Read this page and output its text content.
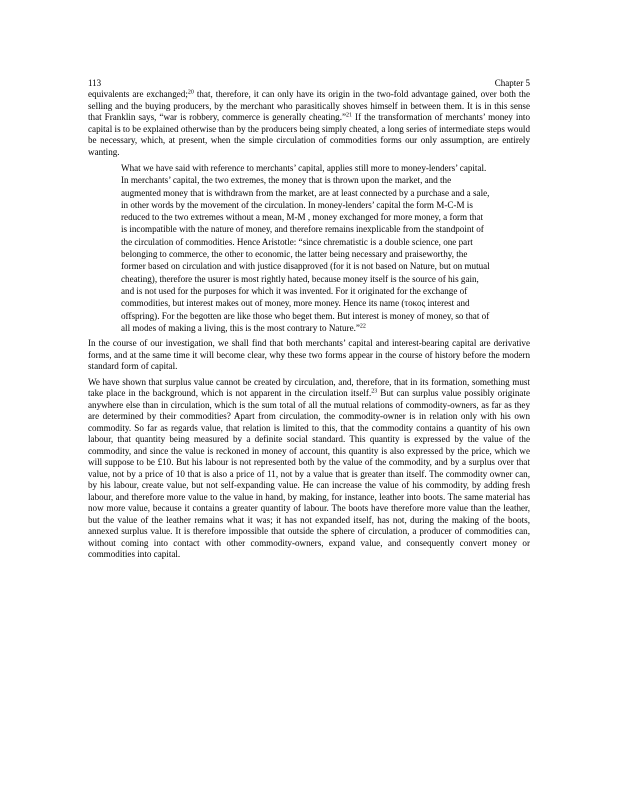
113	Chapter 5

equivalents are exchanged;$^{20}$ that, therefore, it can only have its origin in the two-fold advantage gained, over both the selling and the buying producers, by the merchant who parasitically shoves himself in between them. It is in this sense that Franklin says, “war is robbery, commerce is generally cheating.”$^{21}$ If the transformation of merchants’ money into capital is to be explained otherwise than by the producers being simply cheated, a long series of intermediate steps would be necessary, which, at present, when the simple circulation of commodities forms our only assumption, are entirely wanting.

What we have said with reference to merchants’ capital, applies still more to money-lenders’ capital. In merchants’ capital, the two extremes, the money that is thrown upon the market, and the augmented money that is withdrawn from the market, are at least connected by a purchase and a sale, in other words by the movement of the circulation. In money-lenders’ capital the form M-C-M is reduced to the two extremes without a mean, M-M , money exchanged for more money, a form that is incompatible with the nature of money, and therefore remains inexplicable from the standpoint of the circulation of commodities. Hence Aristotle: “since chrematistic is a double science, one part belonging to commerce, the other to economic, the latter being necessary and praiseworthy, the former based on circulation and with justice disapproved (for it is not based on Nature, but on mutual cheating), therefore the usurer is most rightly hated, because money itself is the source of his gain, and is not used for the purposes for which it was invented. For it originated for the exchange of commodities, but interest makes out of money, more money. Hence its name (τοκος interest and offspring). For the begotten are like those who beget them. But interest is money of money, so that of all modes of making a living, this is the most contrary to Nature.”$^{22}$

In the course of our investigation, we shall find that both merchants’ capital and interest-bearing capital are derivative forms, and at the same time it will become clear, why these two forms appear in the course of history before the modern standard form of capital.

We have shown that surplus value cannot be created by circulation, and, therefore, that in its formation, something must take place in the background, which is not apparent in the circulation itself.$^{23}$ But can surplus value possibly originate anywhere else than in circulation, which is the sum total of all the mutual relations of commodity-owners, as far as they are determined by their commodities? Apart from circulation, the commodity-owner is in relation only with his own commodity. So far as regards value, that relation is limited to this, that the commodity contains a quantity of his own labour, that quantity being measured by a definite social standard. This quantity is expressed by the value of the commodity, and since the value is reckoned in money of account, this quantity is also expressed by the price, which we will suppose to be £10. But his labour is not represented both by the value of the commodity, and by a surplus over that value, not by a price of 10 that is also a price of 11, not by a value that is greater than itself. The commodity owner can, by his labour, create value, but not self-expanding value. He can increase the value of his commodity, by adding fresh labour, and therefore more value to the value in hand, by making, for instance, leather into boots. The same material has now more value, because it contains a greater quantity of labour. The boots have therefore more value than the leather, but the value of the leather remains what it was; it has not expanded itself, has not, during the making of the boots, annexed surplus value. It is therefore impossible that outside the sphere of circulation, a producer of commodities can, without coming into contact with other commodity-owners, expand value, and consequently convert money or commodities into capital.
